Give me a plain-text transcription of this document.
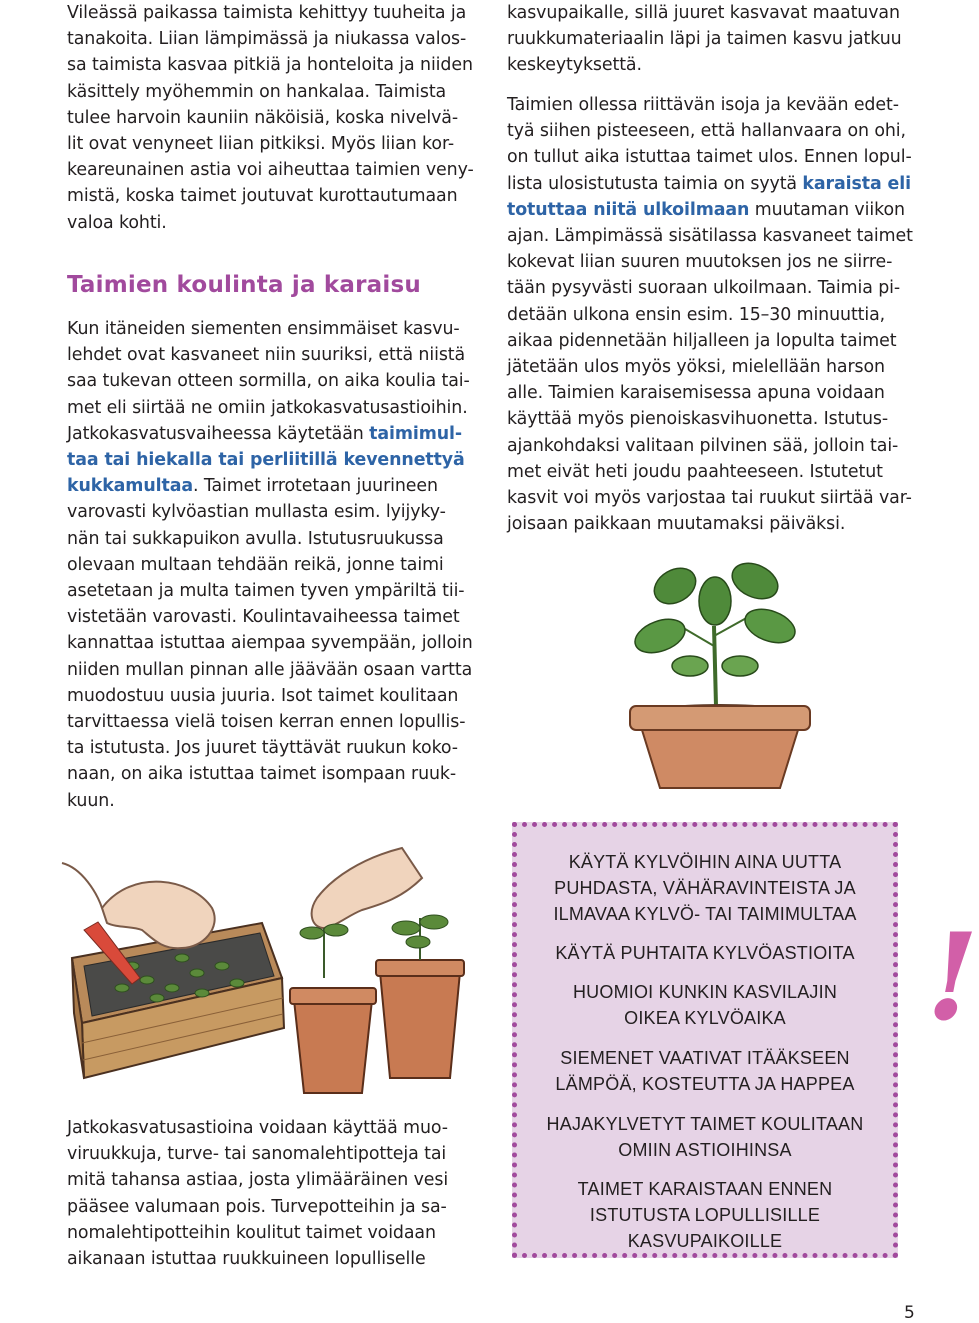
Vilеässä paikassa taimista kehittyy tuuheita ja

tanakoita. Liian lämpimässä ja niukassa valos-

sa taimista kasvaa pitkiä ja honteloita ja niiden

käsittely myöhemmin on hankalaa. Taimista

tulee harvoin kauniin näköisiä, koska nivelvä-

lit ovat venyneet liian pitkiksi. Myös liian kor-

keareunainen astia voi aiheuttaa taimien veny-

mistä, koska taimet joutuvat kurottautumaan

valoa kohti.

Taimien koulinta ja karaisu

Kun itäneiden siementen ensimmäiset kasvu-

lehdet ovat kasvaneet niin suuriksi, että niistä

saa tukevan otteen sormilla, on aika koulia tai-

met eli siirtää ne omiin jatkokasvatusastioihin.

Jatkokasvatusvaiheessa käytetään taimimul-

taa tai hiekalla tai perliitillä kevennettyä

kukkamultaa. Taimet irrotetaan juurineen

varovasti kylvöastian mullasta esim. lyijyky-

nän tai sukkapuikon avulla. Istutusruukussa

olevaan multaan tehdään reikä, jonne taimi

asetetaan ja multa taimen tyven ympäriltä tii-

vistetään varovasti. Koulintavaiheessa taimet

kannattaa istuttaa aiempaa syvempään, jolloin

niiden mullan pinnan alle jäävään osaan vartta

muodostuu uusia juuria. Isot taimet koulitaan

tarvittaessa vielä toisen kerran ennen lopullis-

ta istutusta. Jos juuret täyttävät ruukun koko-

naan, on aika istuttaa taimet isompaan ruuk-

kuun.

Jatkokasvatusastioina voidaan käyttää muo-

viruukkuja, turve- tai sanomalehtipotteja tai

mitä tahansa astiaa, josta ylimääräinen vesi

pääsee valumaan pois. Turvepotteihin ja sa-

nomalehtipotteihin koulitut taimet voidaan

aikanaan istuttaa ruukkuineen lopulliselle

kasvupaikalle, sillä juuret kasvavat maatuvan

ruukkumateriaalin läpi ja taimen kasvu jatkuu

keskeytyksettä.

Taimien ollessa riittävän isoja ja kevään edet-

tyä siihen pisteeseen, että hallanvaara on ohi,

on tullut aika istuttaa taimet ulos. Ennen lopul-

lista ulosistutusta taimia on syytä karaista eli

totuttaa niitä ulkoilmaan muutaman viikon

ajan. Lämpimässä sisätilassa kasvaneet taimet

kokevat liian suuren muutoksen jos ne siirre-

tään pysyvästi suoraan ulkoilmaan. Taimia pi-

detään ulkona ensin esim. 15–30 minuuttia,

aikaa pidennetään hiljalleen ja lopulta taimet

jätetään ulos myös yöksi, mielellään harson

alle. Taimien karaisemisessa apuna voidaan

käyttää myös pienoiskasvihuonetta. Istutus-

ajankohdaksi valitaan pilvinen sää, jolloin tai-

met eivät heti joudu paahteeseen. Istutetut

kasvit voi myös varjostaa tai ruukut siirtää var-

joisaan paikkaan muutamaksi päiväksi.

KÄYTÄ KYLVÖIHIN AINA UUTTA
PUHDASTA, VÄHÄRAVINTEISTA JA
ILMAVAA KYLVÖ- TAI TAIMIMULTAA
KÄYTÄ PUHTAITA KYLVÖASTIOITA
HUOMIOI KUNKIN KASVILAJIN
OIKEA KYLVÖAIKA
SIEMENET VAATIVAT ITÄÄKSEEN
LÄMPÖÄ, KOSTEUTTA JA HAPPEA
HAJAKYLVETYT TAIMET KOULITAAN
OMIIN ASTIOIHINSA
TAIMET KARAISTAAN ENNEN
ISTUTUSTA LOPULLISILLE
KASVUPAIKOILLE
!
5
